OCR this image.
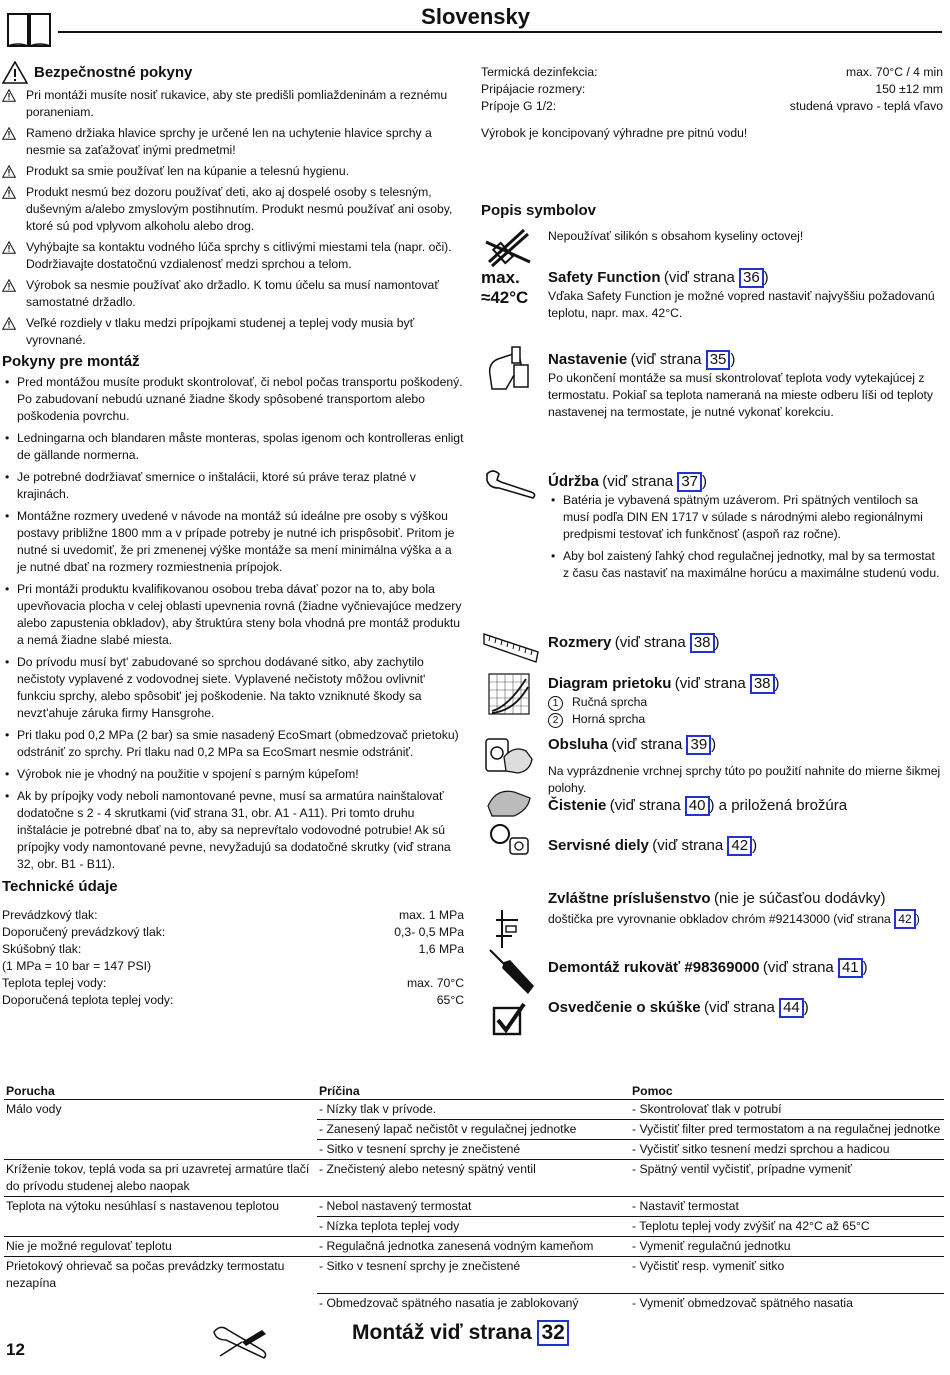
Slovensky
Bezpečnostné pokyny
Pri montáži musíte nosiť rukavice, aby ste predišli pomliaždeninám a reznému poraneniam.
Rameno držiaka hlavice sprchy je určené len na uchytenie hlavice sprchy a nesmie sa zaťažovať inými predmetmi!
Produkt sa smie používať len na kúpanie a telesnú hygienu.
Produkt nesmú bez dozoru používať deti, ako aj dospelé osoby s telesným, duševným a/alebo zmyslovým postihnutím. Produkt nesmú používať ani osoby, ktoré sú pod vplyvom alkoholu alebo drog.
Vyhýbajte sa kontaktu vodného lúča sprchy s citlivými miestami tela (napr. oči). Dodržiavajte dostatočnú vzdialenosť medzi sprchou a telom.
Výrobok sa nesmie používať ako držadlo. K tomu účelu sa musí namontovať samostatné držadlo.
Veľké rozdiely v tlaku medzi prípojkami studenej a teplej vody musia byť vyrovnané.
Pokyny pre montáž
• Pred montážou musíte produkt skontrolovať, či nebol počas transportu poškodený. Po zabudovaní nebudú uznané žiadne škody spôsobené transportom alebo poškodenia povrchu.
• Ledningarna och blandaren måste monteras, spolas igenom och kontrolleras enligt de gällande normerna.
• Je potrebné dodržiavať smernice o inštalácii, ktoré sú práve teraz platné v krajinách.
• Montážne rozmery uvedené v návode na montáž sú ideálne pre osoby s výškou postavy približne 1800 mm a v prípade potreby je nutné ich prispôsobiť. Pritom je nutné si uvedomiť, že pri zmenenej výške montáže sa mení minimálna výška a a je nutné dbať na rozmery rozmiestnenia prípojok.
• Pri montáži produktu kvalifikovanou osobou treba dávať pozor na to, aby bola upevňovacia plocha v celej oblasti upevnenia rovná (žiadne vyčnievajúce medzery alebo zapustenia obkladov), aby štruktúra steny bola vhodná pre montáž produktu a nemá žiadne slabé miesta.
• Do prívodu musí byt' zabudované so sprchou dodávané sitko, aby zachytilo nečistoty vyplavené z vodovodnej siete. Vyplavené nečistoty môžou ovlivnit' funkciu sprchy, alebo spôsobit' jej poškodenie. Na takto vzniknuté škody sa nevzt'ahuje záruka firmy Hansgrohe.
• Pri tlaku pod 0,2 MPa (2 bar) sa smie nasadený EcoSmart (obmedzovač prietoku) odstrániť zo sprchy. Pri tlaku nad 0,2 MPa sa EcoSmart nesmie odstrániť.
• Výrobok nie je vhodný na použitie v spojení s parným kúpeľom!
• Ak by prípojky vody neboli namontované pevne, musí sa armatúra nainštalovať dodatočne s 2 - 4 skrutkami (viď strana 31, obr. A1 - A11). Pri tomto druhu inštalácie je potrebné dbať na to, aby sa neprevŕtalo vodovodné potrubie! Ak sú prípojky vody namontované pevne, nevyžadujú sa dodatočné skrutky (viď strana 32, obr. B1 - B11).
Technické údaje
Prevádzkový tlak:	max. 1 MPa
Doporučený prevádzkový tlak:	0,3- 0,5 MPa
Skúšobný tlak:	1,6 MPa
(1 MPa = 10 bar = 147 PSI)
Teplota teplej vody:	max. 70°C
Doporučená teplota teplej vody:	65°C
Termická dezinfekcia:	max. 70°C / 4 min
Pripájacie rozmery:	150 ±12 mm
Prípoje G 1/2:	studená vpravo - teplá vľavo
Výrobok je koncipovaný výhradne pre pitnú vodu!
Popis symbolov
Nepoužívať silikón s obsahom kyseliny octovej!
max.
≈42°C
Safety Function (viď strana 36 )
Vďaka Safety Function je možné vopred nastaviť najvyššiu požadovanú teplotu, napr. max. 42°C.
Nastavenie (viď strana 35 )
Po ukončení montáže sa musí skontrolovať teplota vody vytekajúcej z termostatu. Pokiaľ sa teplota nameraná na mieste odberu líši od teploty nastavenej na termostate, je nutné vykonať korekciu.
Údržba (viď strana 37 )
• Batéria je vybavená spätným uzáverom. Pri spätných ventiloch sa musí podľa DIN EN 1717 v súlade s národnými alebo regionálnymi predpismi testovať ich funkčnosť (aspoň raz ročne).
• Aby bol zaistený ľahký chod regulačnej jednotky, mal by sa termostat z času čas nastaviť na maximálne horúcu a maximálne studenú vodu.
Rozmery (viď strana 38 )
Diagram prietoku (viď strana 38 )
1 Ručná sprcha
2 Horná sprcha
Obsluha (viď strana 39 )
Na vyprázdnenie vrchnej sprchy túto po použití nahnite do mierne šikmej polohy.
Čistenie (viď strana 40 ) a priložená brožúra
Servisné diely (viď strana 42 )
Zvláštne príslušenstvo (nie je súčasťou dodávky)
doštička pre vyrovnanie obkladov chróm #92143000 (viď strana 42 )
Demontáž rukoväť #98369000 (viď strana 41 )
Osvedčenie o skúške (viď strana 44 )
Porucha	Príčina	Pomoc
Málo vody	- Nízky tlak v prívode.	- Skontrolovať tlak v potrubí
	- Zanesený lapač nečistôt v regulačnej jednotke	- Vyčistiť filter pred termostatom a na regulačnej jednotke
	- Sitko v tesnení sprchy je znečistené	- Vyčistiť sitko tesnení medzi sprchou a hadicou
Kríženie tokov, teplá voda sa pri uzavretej armatúre tlačí do prívodu studenej alebo naopak	- Znečistený alebo netesný spätný ventil	- Spätný ventil vyčistiť, prípadne vymeniť
Teplota na výtoku nesúhlasí s nastavenou teplotou	- Nebol nastavený termostat	- Nastaviť termostat
	- Nízka teplota teplej vody	- Teplotu teplej vody zvýšiť na 42°C až 65°C
Nie je možné regulovať teplotu	- Regulačná jednotka zanesená vodným kameňom	- Vymeniť regulačnú jednotku
Prietokový ohrievač sa počas prevádzky termostatu nezapína	- Sitko v tesnení sprchy je znečistené	- Vyčistiť resp. vymeniť sitko
	- Obmedzovač spätného nasatia je zablokovaný	- Vymeniť obmedzovač spätného nasatia
12
Montáž viď strana 32
